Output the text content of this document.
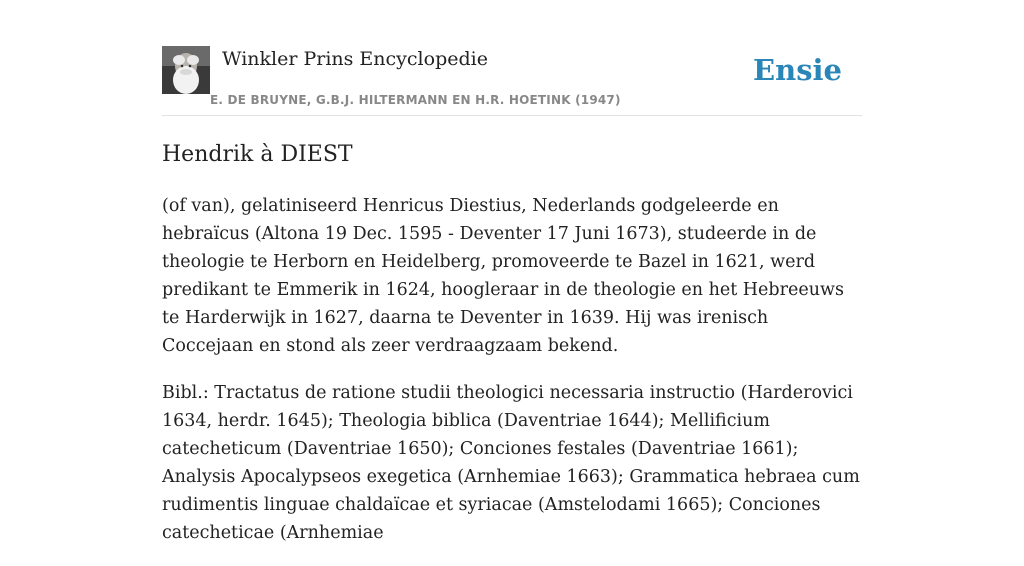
Winkler Prins Encyclopedie
E. DE BRUYNE, G.B.J. HILTERMANN EN H.R. HOETINK (1947)
Ensie
Hendrik à DIEST

(of van), gelatiniseerd Henricus Diestius, Nederlands godgeleerde en hebraïcus (Altona 19 Dec. 1595 - Deventer 17 Juni 1673), studeerde in de theologie te Herborn en Heidelberg, promoveerde te Bazel in 1621, werd predikant te Emmerik in 1624, hoogleraar in de theologie en het Hebreeuws te Harderwijk in 1627, daarna te Deventer in 1639. Hij was irenisch Coccejaan en stond als zeer verdraagzaam bekend.

Bibl.: Tractatus de ratione studii theologici necessaria instructio (Harderovici 1634, herdr. 1645); Theologia biblica (Daventriae 1644); Mellificium catecheticum (Daventriae 1650); Conciones festales (Daventriae 1661); Analysis Apocalypseos exegetica (Arnhemiae 1663); Grammatica hebraea cum rudimentis linguae chaldaïcae et syriacae (Amstelodami 1665); Conciones catecheticae (Arnhemiae
